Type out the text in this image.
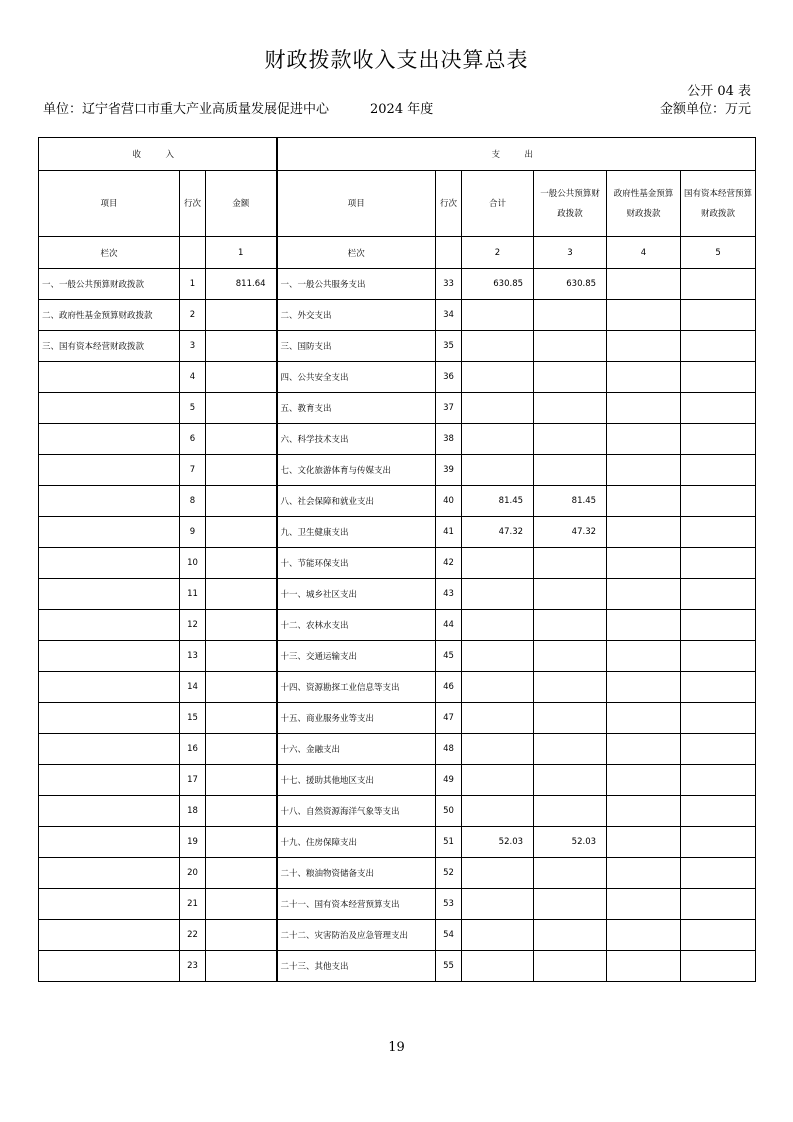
财政拨款收入支出决算总表
公开 04 表
单位：辽宁省营口市重大产业高质量发展促进中心	2024 年度	金额单位：万元
收　入			支　出					
项目	行次	金额	项目	行次	合计	一般公共预算财政拨款	政府性基金预算财政拨款	国有资本经营预算财政拨款
栏次		1	栏次		2	3	4	5
一、一般公共预算财政拨款	1	811.64	一、一般公共服务支出	33	630.85	630.85		
二、政府性基金预算财政拨款	2		二、外交支出	34				
三、国有资本经营财政拨款	3		三、国防支出	35				
	4		四、公共安全支出	36				
	5		五、教育支出	37				
	6		六、科学技术支出	38				
	7		七、文化旅游体育与传媒支出	39				
	8		八、社会保障和就业支出	40	81.45	81.45		
	9		九、卫生健康支出	41	47.32	47.32		
	10		十、节能环保支出	42				
	11		十一、城乡社区支出	43				
	12		十二、农林水支出	44				
	13		十三、交通运输支出	45				
	14		十四、资源勘探工业信息等支出	46				
	15		十五、商业服务业等支出	47				
	16		十六、金融支出	48				
	17		十七、援助其他地区支出	49				
	18		十八、自然资源海洋气象等支出	50				
	19		十九、住房保障支出	51	52.03	52.03		
	20		二十、粮油物资储备支出	52				
	21		二十一、国有资本经营预算支出	53				
	22		二十二、灾害防治及应急管理支出	54				
	23		二十三、其他支出	55				
19
